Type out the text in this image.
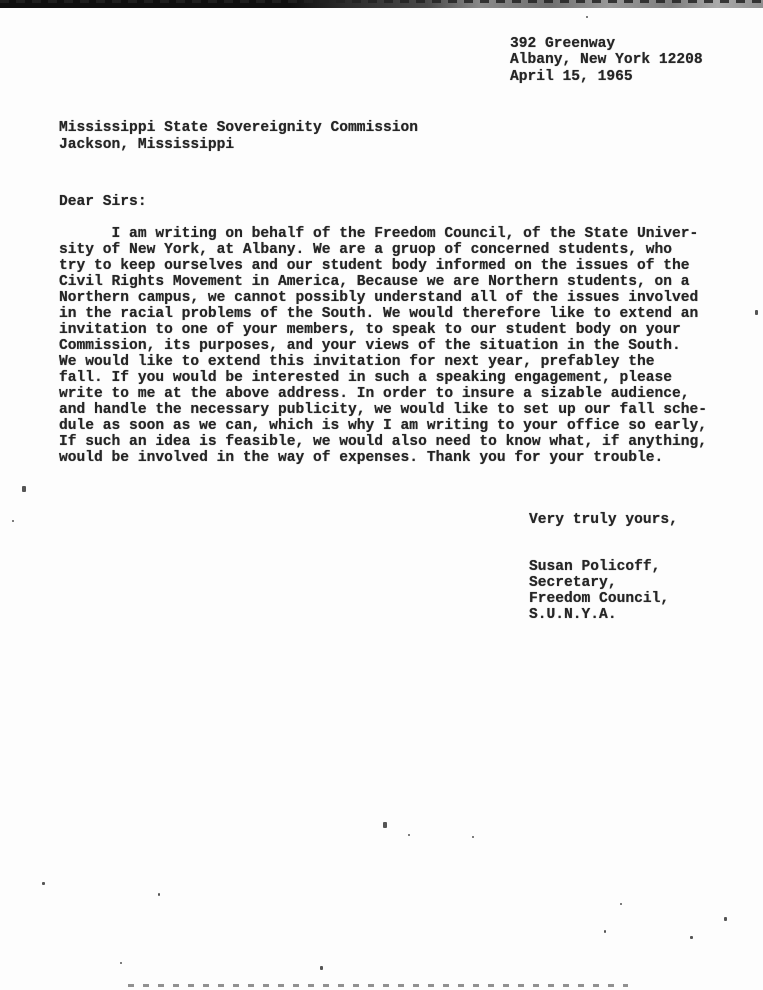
392 Greenway
Albany, New York 12208
April 15, 1965
Mississippi State Sovereignity Commission
Jackson, Mississippi
Dear Sirs:
I am writing on behalf of the Freedom Council, of the State Univer-
sity of New York, at Albany. We are a gruop of concerned students, who
try to keep ourselves and our student body informed on the issues of the
Civil Rights Movement in America, Because we are Northern students, on a
Northern campus, we cannot possibly understand all of the issues involved
in the racial problems of the South. We would therefore like to extend an
invitation to one of your members, to speak to our student body on your
Commission, its purposes, and your views of the situation in the South.
We would like to extend this invitation for next year, prefabley the
fall. If you would be interested in such a speaking engagement, please
write to me at the above address. In order to insure a sizable audience,
and handle the necessary publicity, we would like to set up our fall sche-
dule as soon as we can, which is why I am writing to your office so early,
If such an idea is feasible, we would also need to know what, if anything,
would be involved in the way of expenses. Thank you for your trouble.
Very truly yours,
Susan Policoff,
Secretary,
Freedom Council,
S.U.N.Y.A.
